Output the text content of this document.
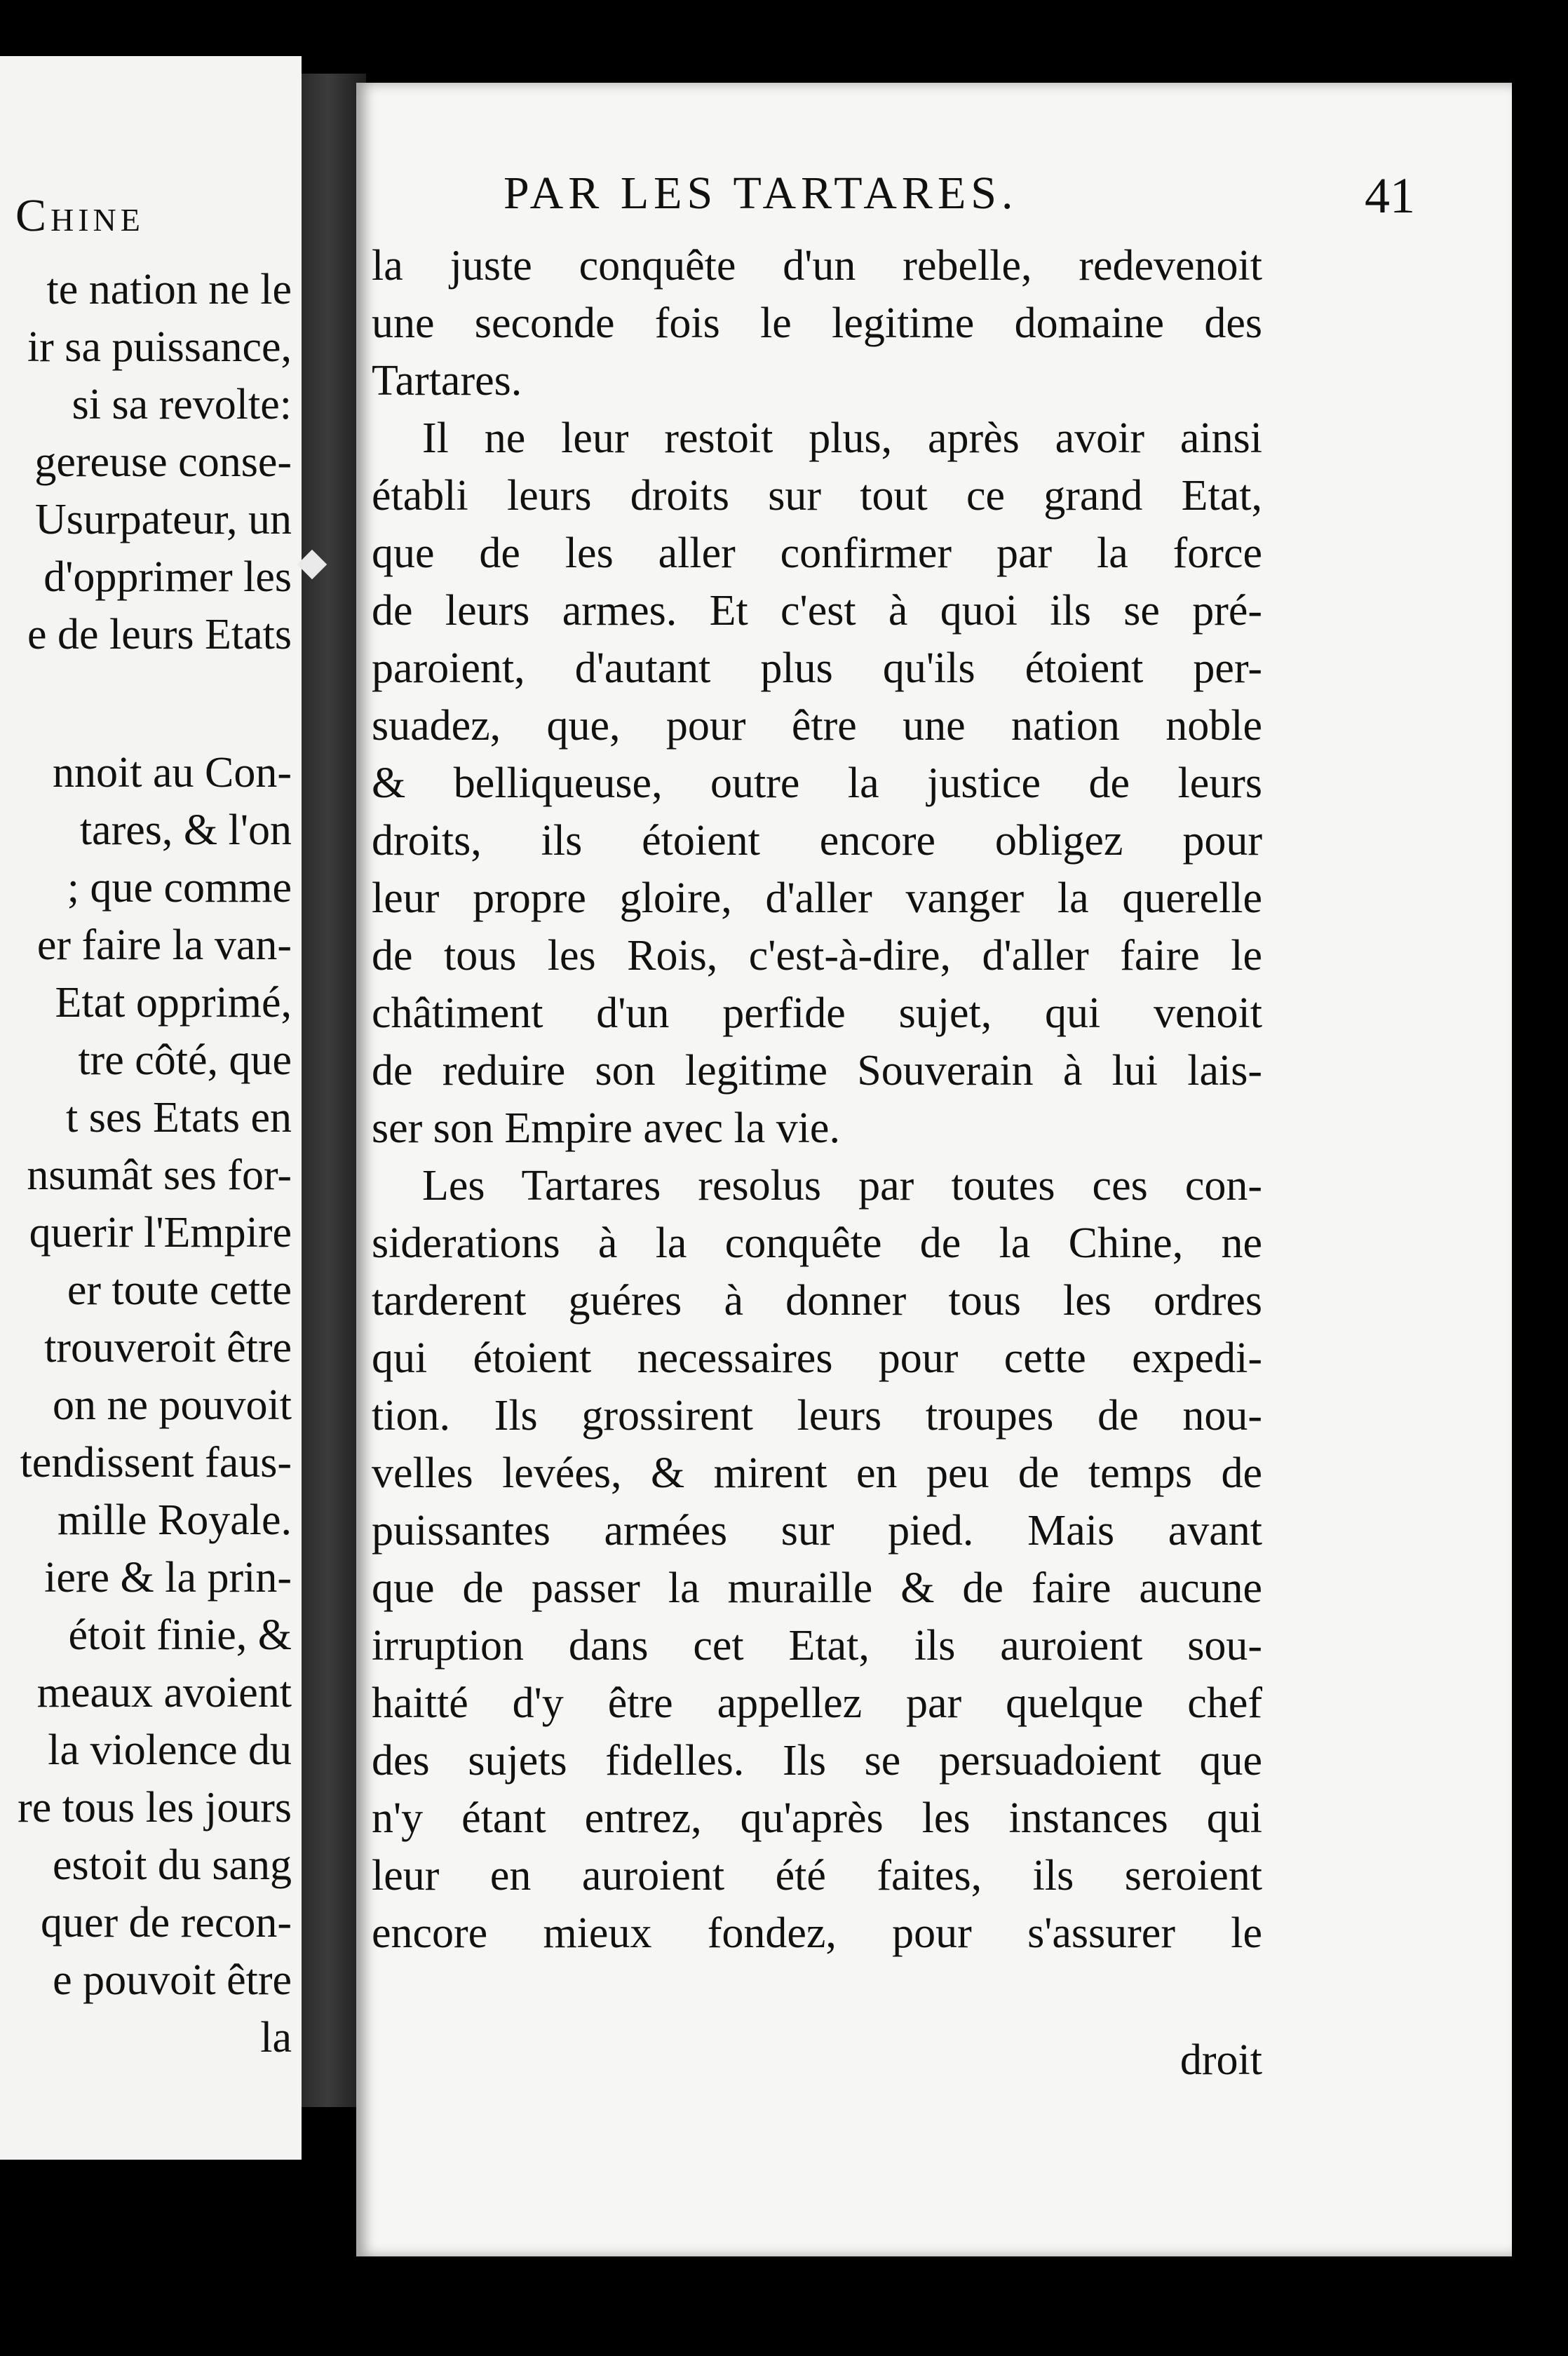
Chine
te nation ne le
ir sa puissance,
si sa revolte:
gereuse conse-
Usurpateur, un
d'opprimer les
e de leurs Etats
nnoit au Con-
tares, & l'on
; que comme
er faire la van-
Etat opprimé,
tre côté, que
t ses Etats en
nsumât ses for-
querir l'Empire
er toute cette
trouveroit être
on ne pouvoit
tendissent faus-
mille Royale.
iere & la prin-
étoit finie, &
meaux avoient
la violence du
re tous les jours
estoit du sang
quer de recon-
e pouvoit être
la
PAR LES TARTARES.	41
la juste conquête d'un rebelle, redevenoit
une seconde fois le legitime domaine des
Tartares.
Il ne leur restoit plus, après avoir ainsi
établi leurs droits sur tout ce grand Etat,
que de les aller confirmer par la force
de leurs armes. Et c'est à quoi ils se pré-
paroient, d'autant plus qu'ils étoient per-
suadez, que, pour être une nation noble
& belliqueuse, outre la justice de leurs
droits, ils étoient encore obligez pour
leur propre gloire, d'aller vanger la querelle
de tous les Rois, c'est-à-dire, d'aller faire le
châtiment d'un perfide sujet, qui venoit
de reduire son legitime Souverain à lui lais-
ser son Empire avec la vie.
Les Tartares resolus par toutes ces con-
siderations à la conquête de la Chine, ne
tarderent guéres à donner tous les ordres
qui étoient necessaires pour cette expedi-
tion. Ils grossirent leurs troupes de nou-
velles levées, & mirent en peu de temps de
puissantes armées sur pied. Mais avant
que de passer la muraille & de faire aucune
irruption dans cet Etat, ils auroient sou-
haitté d'y être appellez par quelque chef
des sujets fidelles. Ils se persuadoient que
n'y étant entrez, qu'après les instances qui
leur en auroient été faites, ils seroient
encore mieux fondez, pour s'assurer le
droit
